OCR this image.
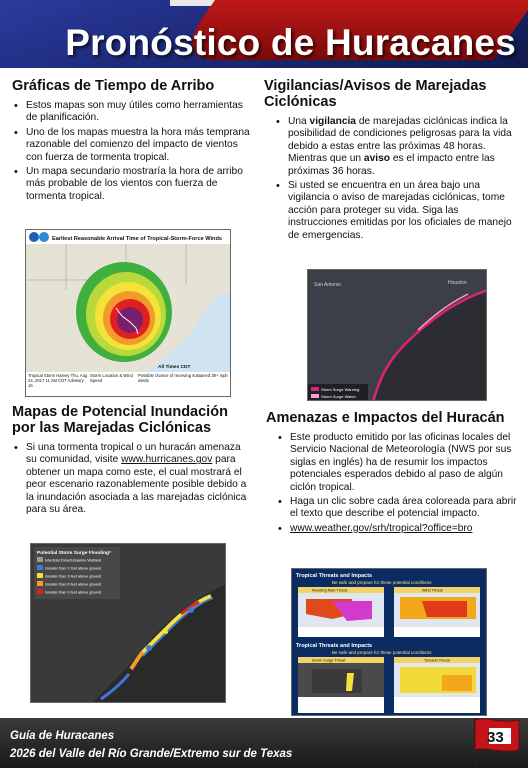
Pronóstico de Huracanes
Gráficas de Tiempo de Arribo
• Estos mapas son muy útiles como herramientas de planificación.
• Uno de los mapas muestra la hora más temprana razonable del comienzo del impacto de vientos con fuerza de tormenta tropical.
• Un mapa secundario mostraría la hora de arribo más probable de los vientos con fuerza de tormenta tropical.
Earliest Reasonable Arrival Time of Tropical-Storm-Force Winds
All Times CDT
Tropical Storm Harvey Thu, Aug 24, 2017 11 AM CDT Advisory 16
Storm Location & Wind Speed
Possible chance of receiving sustained 39+ mph winds
Mapas de Potencial Inundación por las Marejadas Ciclónicas
• Si una tormenta tropical o un huracán amenaza su comunidad, visite www.hurricanes.gov para obtener un mapa como este, el cual mostrará el peor escenario razonablemente posible debido a la inundación asociada a las marejadas ciclónica para su área.
Potential Storm Surge Flooding*
Intertidal Zone/Estuarine Wetland
Greater than 1 foot above ground
Greater than 3 feet above ground
Greater than 6 feet above ground
Greater than 9 feet above ground
Vigilancias/Avisos de Marejadas Ciclónicas
• Una vigilancia de marejadas ciclónicas indica la posibilidad de condiciones peligrosas para la vida debido a estas entre las próximas 48 horas. Mientras que un aviso es el impacto entre las próximas 36 horas.
• Si usted se encuentra en un área bajo una vigilancia o aviso de marejadas ciclónicas, tome acción para proteger su vida. Siga las instrucciones emitidas por los oficiales de manejo de emergencias.
San Antonio	Houston
Storm Surge Warning
Storm Surge Watch
Amenazas e Impactos del Huracán
• Este producto emitido por las oficinas locales del Servicio Nacional de Meteorología (NWS por sus siglas en inglés) ha de resumir los impactos potenciales esperados debido al paso de algún ciclón tropical.
• Haga un clic sobre cada área coloreada para abrir el texto que describe el potencial impacto.
• www.weather.gov/srh/tropical?office=bro
Tropical Threats and Impacts
Be safe and prepare for these potential conditions
Flooding Rain Threat	Wind Threat
Tropical Threats and Impacts
Be safe and prepare for these potential conditions
Storm Surge Threat	Tornado Threat
Guía de Huracanes
2026 del Valle del Río Grande/Extremo sur de Texas
33
